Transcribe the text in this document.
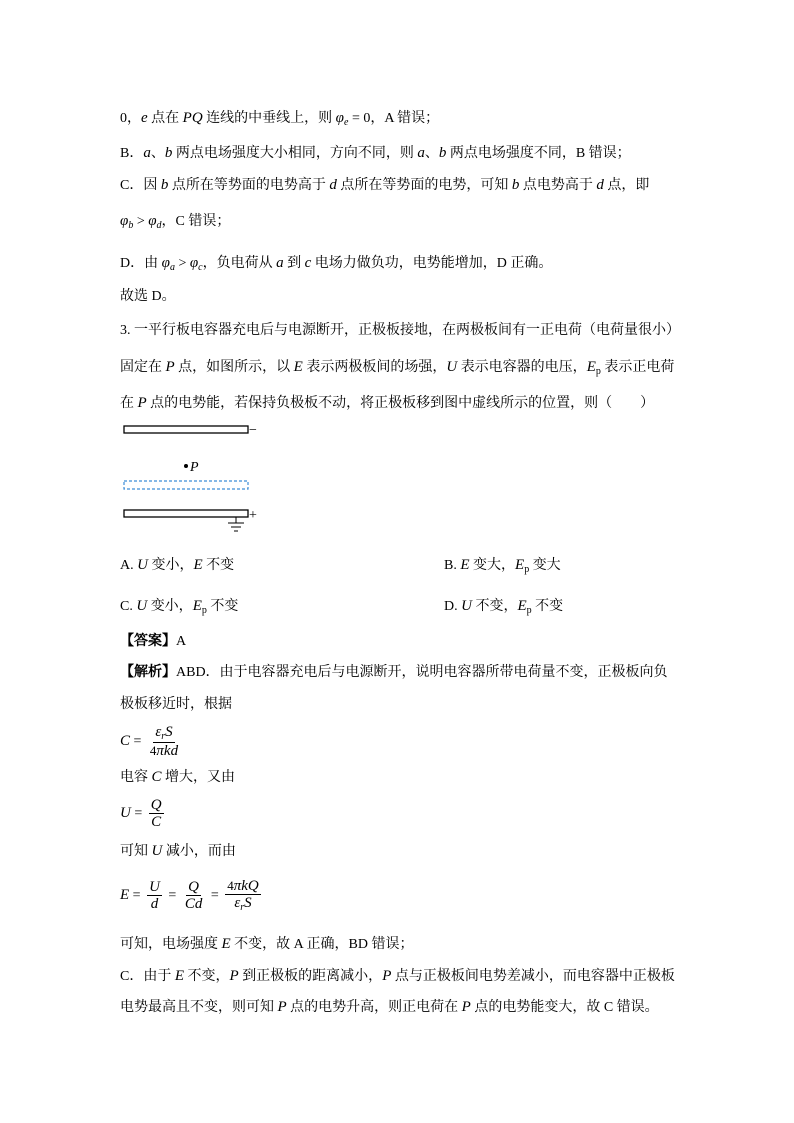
0， e 点在 PQ 连线的中垂线上，则 φ e = 0 ，A 错误；
B． a 、 b 两点电场强度大小相同，方向不同，则 a 、 b 两点电场强度不同，B 错误；
C．因 b 点所在等势面的电势高于 d 点所在等势面的电势，可知 b 点电势高于 d 点，即
φ b > φ d ，C 错误；
D．由 φ a > φ c ，负电荷从 a 到 c 电场力做负功，电势能增加，D 正确。
故选 D。
3. 一平行板电容器充电后与电源断开，正极板接地，在两极板间有一正电荷（电荷量很小）
固定在 P 点，如图所示，以 E 表示两极板间的场强， U 表示电容器的电压， E p 表示正电荷
在 P 点的电势能，若保持负极板不动，将正极板移到图中虚线所示的位置，则（　　）
−
P
+
A. U 变小， E 不变	B. E 变大， E p 变大
C. U 变小， E p 不变	D. U 不变， E p 不变
【答案】 A
【解析】 ABD．由于电容器充电后与电源断开，说明电容器所带电荷量不变，正极板向负
极板移近时，根据
$C = \frac{\text{ε r S}}{\text{4 πkd}}$
电容 C 增大，又由
$U = \frac{Q}{C}$
可知 U 减小，而由
$E = \frac{U}{d} = \frac{Q}{Cd} = \frac{\text{4 πkQ}}{\text{ε r S}}$
可知，电场强度 E 不变，故 A 正确，BD 错误；
C．由于 E 不变， P 到正极板的距离减小， P 点与正极板间电势差减小，而电容器中正极板
电势最高且不变，则可知 P 点的电势升高，则正电荷在 P 点的电势能变大，故 C 错误。
